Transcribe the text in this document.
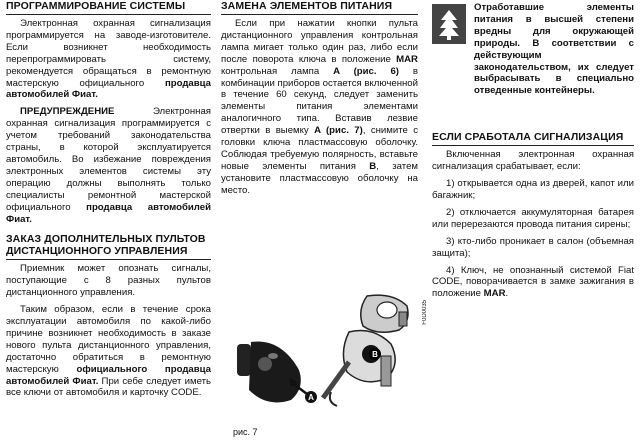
ПРОГРАММИРОВАНИЕ СИСТЕМЫ

Электронная охранная сигнализация программируется на заводе-изготовителе. Если возникнет необходимость перепрограммировать систему, рекомендуется обращаться в ремонтную мастерскую официального продавца автомобилей Фиат.

ПРЕДУПРЕЖДЕНИЕ Электронная охранная сигнализация программируется с учетом требований законодательства страны, в которой эксплуатируется автомобиль. Во избежание повреждения электронных элементов системы эту операцию должны выполнять только специалисты ремонтной мастерской официального продавца автомобилей Фиат.

ЗАКАЗ ДОПОЛНИТЕЛЬНЫХ ПУЛЬТОВ ДИСТАНЦИОННОГО УПРАВЛЕНИЯ

Приемник может опознать сигналы, поступающие с 8 разных пультов дистанционного управления.

Таким образом, если в течение срока эксплуатации автомобиля по какой-либо причине возникнет необходимость в заказе нового пульта дистанционного управления, достаточно обратиться в ремонтную мастерскую официального продавца автомобилей Фиат. При себе следует иметь все ключи от автомобиля и карточку CODE.

ЗАМЕНА ЭЛЕМЕНТОВ ПИТАНИЯ

Если при нажатии кнопки пульта дистанционного управления контрольная лампа мигает только один раз, либо если после поворота ключа в положение MAR контрольная лампа A (рис. 6) в комбинации приборов остается включенной в течение 60 секунд, следует заменить элементы питания элементами аналогичного типа. Вставив лезвие отвертки в выемку A (рис. 7), снимите с головки ключа пластмассовую оболочку. Соблюдая требуемую полярность, вставьте новые элементы питания B, затем установите пластмассовую оболочку на место.

A
B
F0D0035
рис. 7

Отработавшие элементы питания в высшей степени вредны для окружающей природы. В соответствии с действующим законодательством, их следует выбрасывать в специально отведенные контейнеры.

ЕСЛИ СРАБОТАЛА СИГНАЛИЗАЦИЯ

Включенная электронная охранная сигнализация срабатывает, если:

1) открывается одна из дверей, капот или багажник;

2) отключается аккумуляторная батарея или перерезаются провода питания сирены;

3) кто-либо проникает в салон (объемная защита);

4) Ключ, не опознанный системой Fiat CODE, поворачивается в замке зажигания в положение MAR.
